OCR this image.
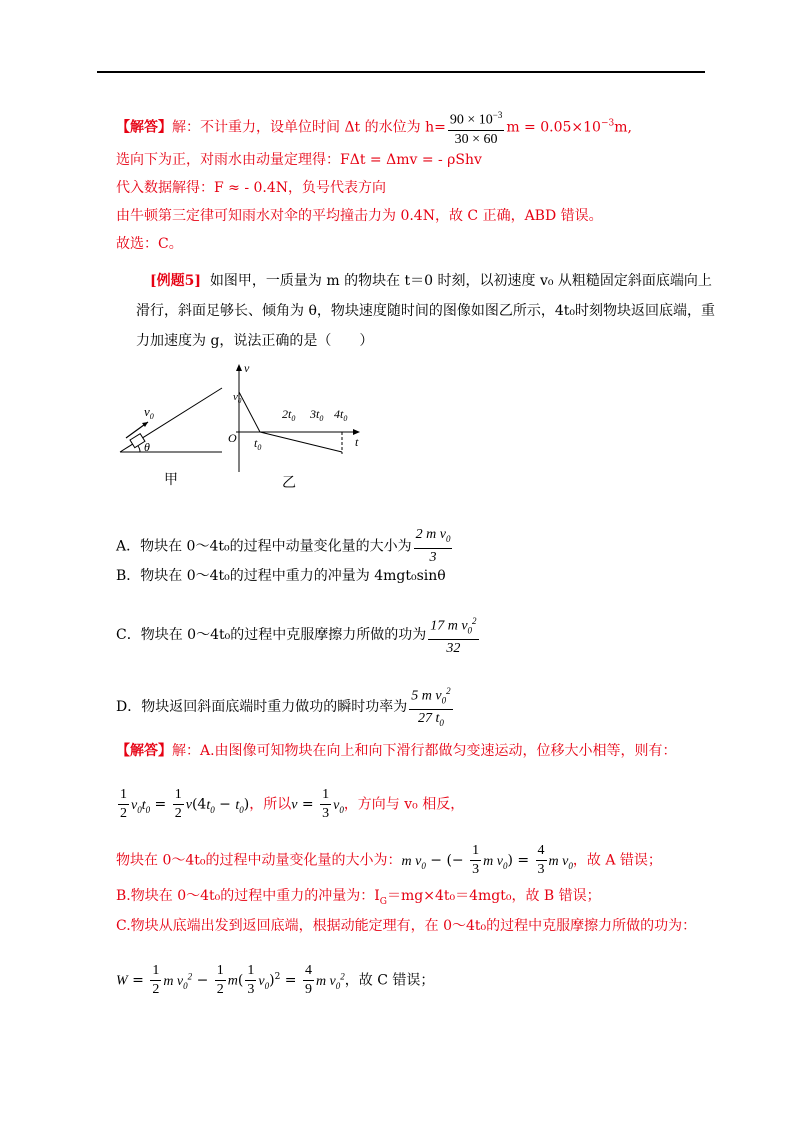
【解答】解：不计重力，设单位时间 Δt 的水位为 $h= \frac{90 \times 10^{-3}}{30 \times 60}$ $m = 0.05\times 10^{-3}m$,
选向下为正，对雨水由动量定理得：FΔt = Δmv = - ρShv
代入数据解得：F ≈ - 0.4N，负号代表方向
由牛顿第三定律可知雨水对伞的平均撞击力为 0.4N，故 C 正确，ABD 错误。
故选：C。
[例题5] 如图甲，一质量为 m 的物块在 t＝0 时刻，以初速度 v₀ 从粗糙固定斜面底端向上
滑行，斜面足够长、倾角为 θ，物块速度随时间的图像如图乙所示，4t₀时刻物块返回底端，重
力加速度为 g，说法正确的是（　　）
$v_0$
θ
甲
v
t
O
$v_0$
$t_0$
$2t_0$ $3t_0$ $4t_0$
乙
A．物块在 0～4t₀的过程中动量变化量的大小为 $\frac{2 m v_0}{3}$
B．物块在 0～4t₀的过程中重力的冲量为 4mgt₀sinθ
C．物块在 0～4t₀的过程中克服摩擦力所做的功为 $\frac{17 m v_0^2}{32}$
D．物块返回斜面底端时重力做功的瞬时功率为 $\frac{5 m v_0^2}{27 t_0}$
【解答】解：A.由图像可知物块在向上和向下滑行都做匀变速运动，位移大小相等，则有：
$\frac{1}{2} v_0t_0 = \frac{1}{2} v(4t_0 - t_0)$，所以$v = \frac{1}{3} v_0$，方向与 v₀ 相反，
物块在 0～4t₀的过程中动量变化量的大小为：m $v_0$ − (− $\frac{1}{3}$ m $v_0) = \frac{4}{3}$ m $v_0$，故 A 错误；
B.物块在 0～4t₀的过程中重力的冲量为：$I_G=mg\times 4t_0=4mgt_0$，故 B 错误；
C.物块从底端出发到返回底端，根据动能定理有，在 0～4t₀的过程中克服摩擦力所做的功为：
$W = \frac{1}{2}$ m $v_0^2 - \frac{1}{2} m( \frac{1}{3} v_0)^2 = \frac{4}{9}$ m $v_0^2$，故 C 错误；
